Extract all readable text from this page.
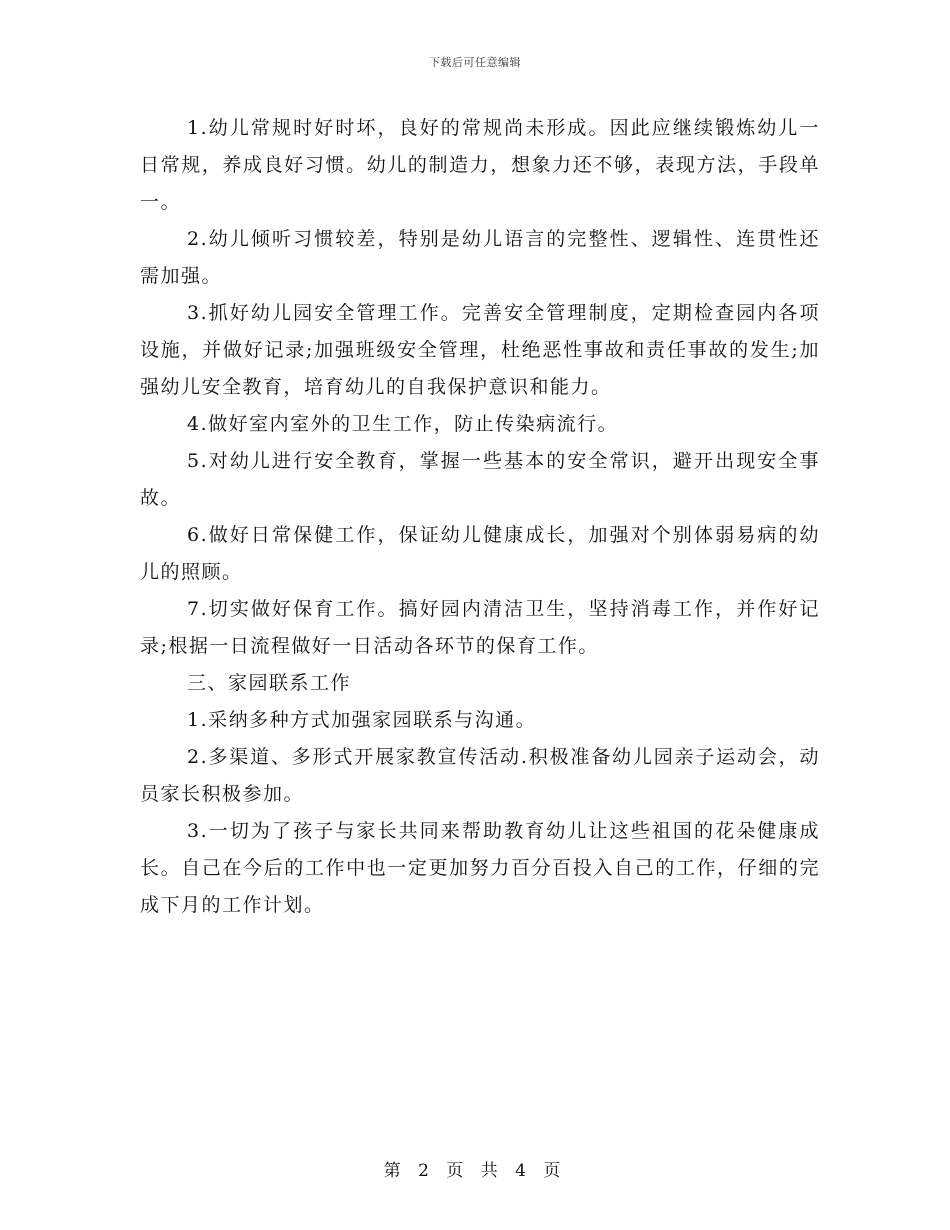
下载后可任意编辑

1.幼儿常规时好时坏，良好的常规尚未形成。因此应继续锻炼幼儿一日常规，养成良好习惯。幼儿的制造力，想象力还不够，表现方法，手段单一。

2.幼儿倾听习惯较差，特别是幼儿语言的完整性、逻辑性、连贯性还需加强。

3.抓好幼儿园安全管理工作。完善安全管理制度，定期检查园内各项设施，并做好记录;加强班级安全管理，杜绝恶性事故和责任事故的发生;加强幼儿安全教育，培育幼儿的自我保护意识和能力。

4.做好室内室外的卫生工作，防止传染病流行。

5.对幼儿进行安全教育，掌握一些基本的安全常识，避开出现安全事故。

6.做好日常保健工作，保证幼儿健康成长，加强对个别体弱易病的幼儿的照顾。

7.切实做好保育工作。搞好园内清洁卫生，坚持消毒工作，并作好记录;根据一日流程做好一日活动各环节的保育工作。

三、家园联系工作

1.采纳多种方式加强家园联系与沟通。

2.多渠道、多形式开展家教宣传活动.积极准备幼儿园亲子运动会，动员家长积极参加。

3.一切为了孩子与家长共同来帮助教育幼儿让这些祖国的花朵健康成长。自己在今后的工作中也一定更加努力百分百投入自己的工作，仔细的完成下月的工作计划。

第 2 页 共 4 页
